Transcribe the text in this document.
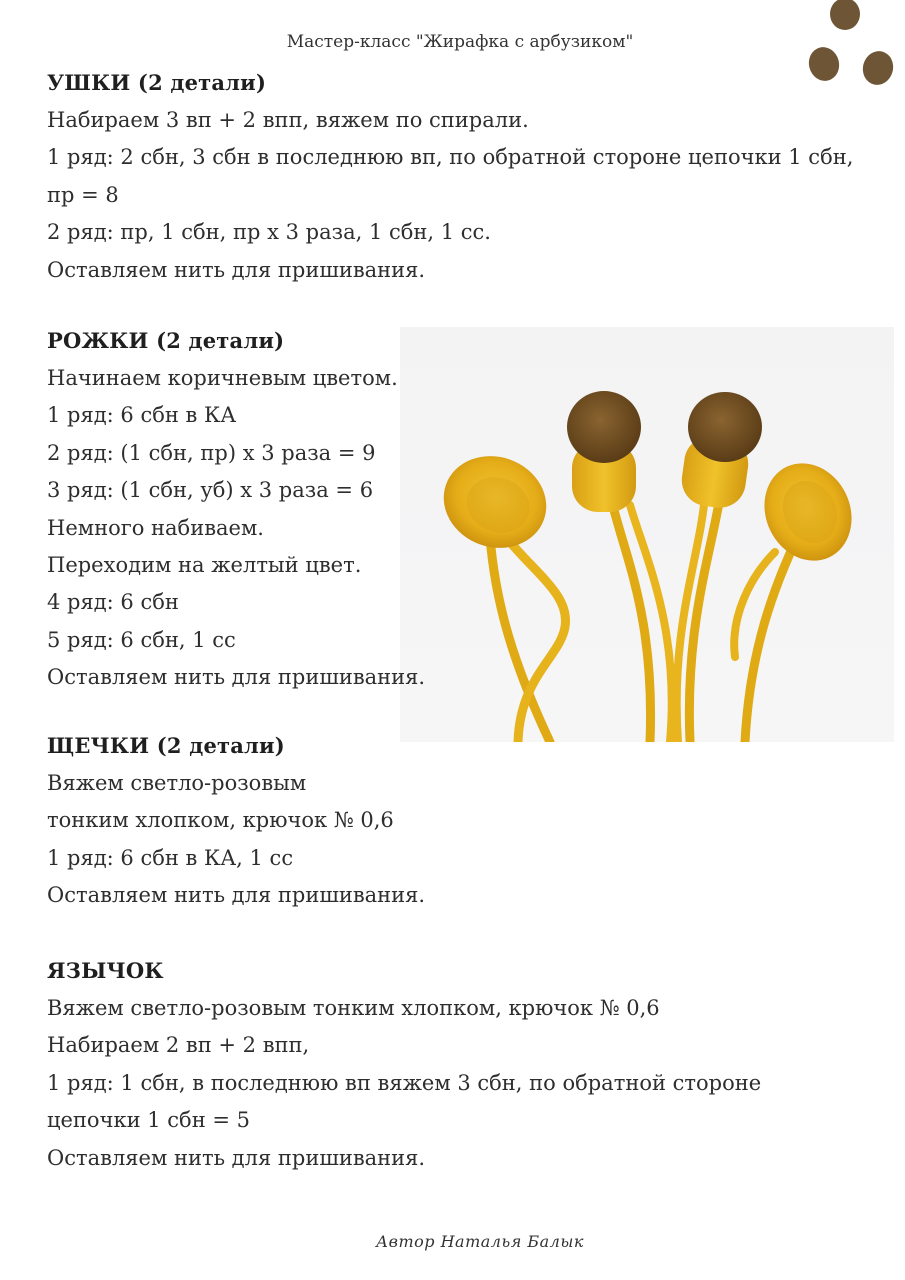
Мастер-класс "Жирафка с арбузиком"
УШКИ (2 детали)
Набираем 3 вп + 2 впп, вяжем по спирали.
1 ряд: 2 сбн, 3 сбн в последнюю вп, по обратной стороне цепочки 1 сбн,
пр = 8
2 ряд: пр, 1 сбн, пр х 3 раза, 1 сбн, 1 сс.
Оставляем нить для пришивания.
РОЖКИ (2 детали)
Начинаем коричневым цветом.
1 ряд: 6 сбн в КА
2 ряд: (1 сбн, пр) х 3 раза = 9
3 ряд: (1 сбн, уб) х 3 раза = 6
Немного набиваем.
Переходим на желтый цвет.
4 ряд: 6 сбн
5 ряд: 6 сбн, 1 сс
Оставляем нить для пришивания.
ЩЕЧКИ (2 детали)
Вяжем светло-розовым
тонким хлопком, крючок № 0,6
1 ряд: 6 сбн в КА, 1 сс
Оставляем нить для пришивания.
ЯЗЫЧОК
Вяжем светло-розовым тонким хлопком, крючок № 0,6
Набираем 2 вп + 2 впп,
1 ряд: 1 сбн, в последнюю вп вяжем 3 сбн, по обратной стороне
цепочки 1 сбн = 5
Оставляем нить для пришивания.
Автор Наталья Балык
